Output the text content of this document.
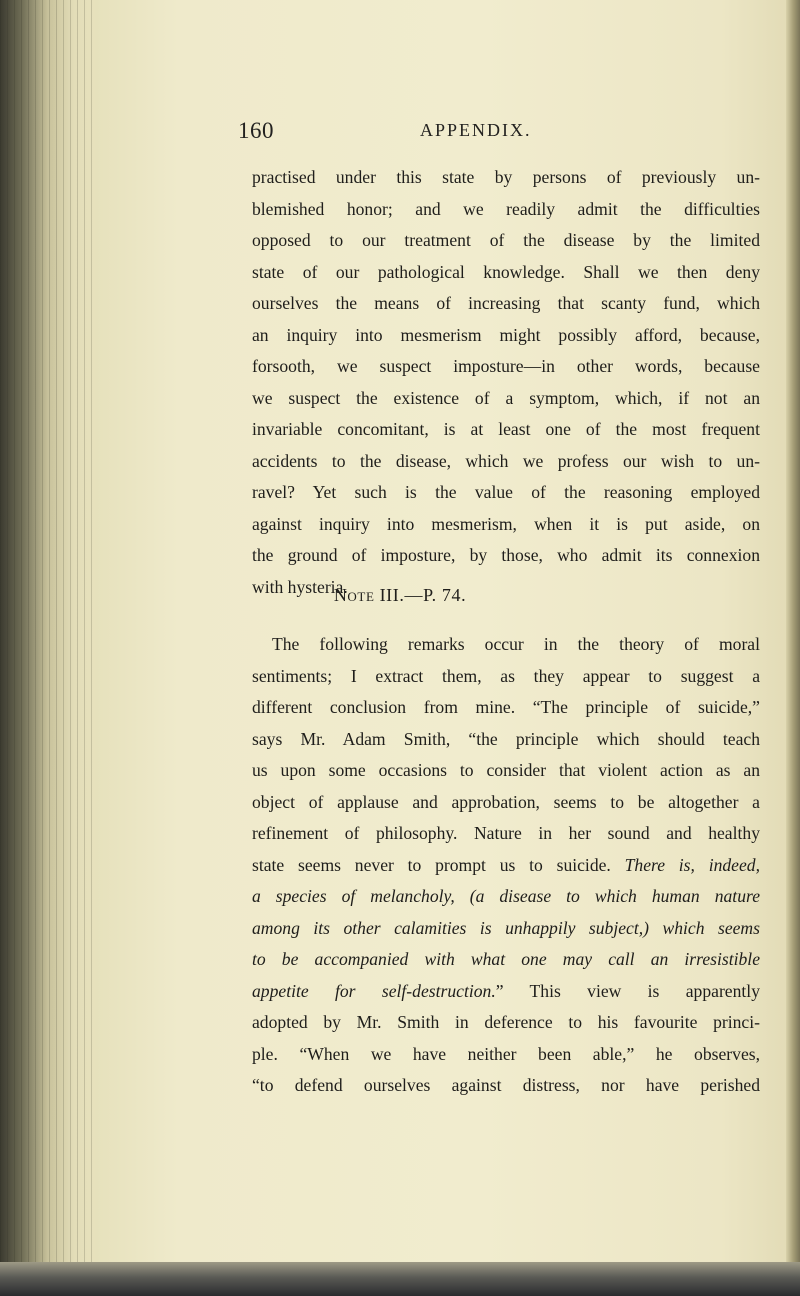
160	APPENDIX.
practised under this state by persons of previously un-
blemished honor; and we readily admit the difficulties
opposed to our treatment of the disease by the limited
state of our pathological knowledge. Shall we then deny
ourselves the means of increasing that scanty fund, which
an inquiry into mesmerism might possibly afford, because,
forsooth, we suspect imposture—in other words, because
we suspect the existence of a symptom, which, if not an
invariable concomitant, is at least one of the most frequent
accidents to the disease, which we profess our wish to un-
ravel? Yet such is the value of the reasoning employed
against inquiry into mesmerism, when it is put aside, on
the ground of imposture, by those, who admit its connexion
with hysteria.
Note III.—P. 74.
The following remarks occur in the theory of moral
sentiments; I extract them, as they appear to suggest a
different conclusion from mine. “The principle of suicide,”
says Mr. Adam Smith, “the principle which should teach
us upon some occasions to consider that violent action as an
object of applause and approbation, seems to be altogether a
refinement of philosophy. Nature in her sound and healthy
state seems never to prompt us to suicide. There is, indeed,
a species of melancholy, (a disease to which human nature
among its other calamities is unhappily subject,) which seems
to be accompanied with what one may call an irresistible
appetite for self-destruction.” This view is apparently
adopted by Mr. Smith in deference to his favourite princi-
ple. “When we have neither been able,” he observes,
“to defend ourselves against distress, nor have perished
